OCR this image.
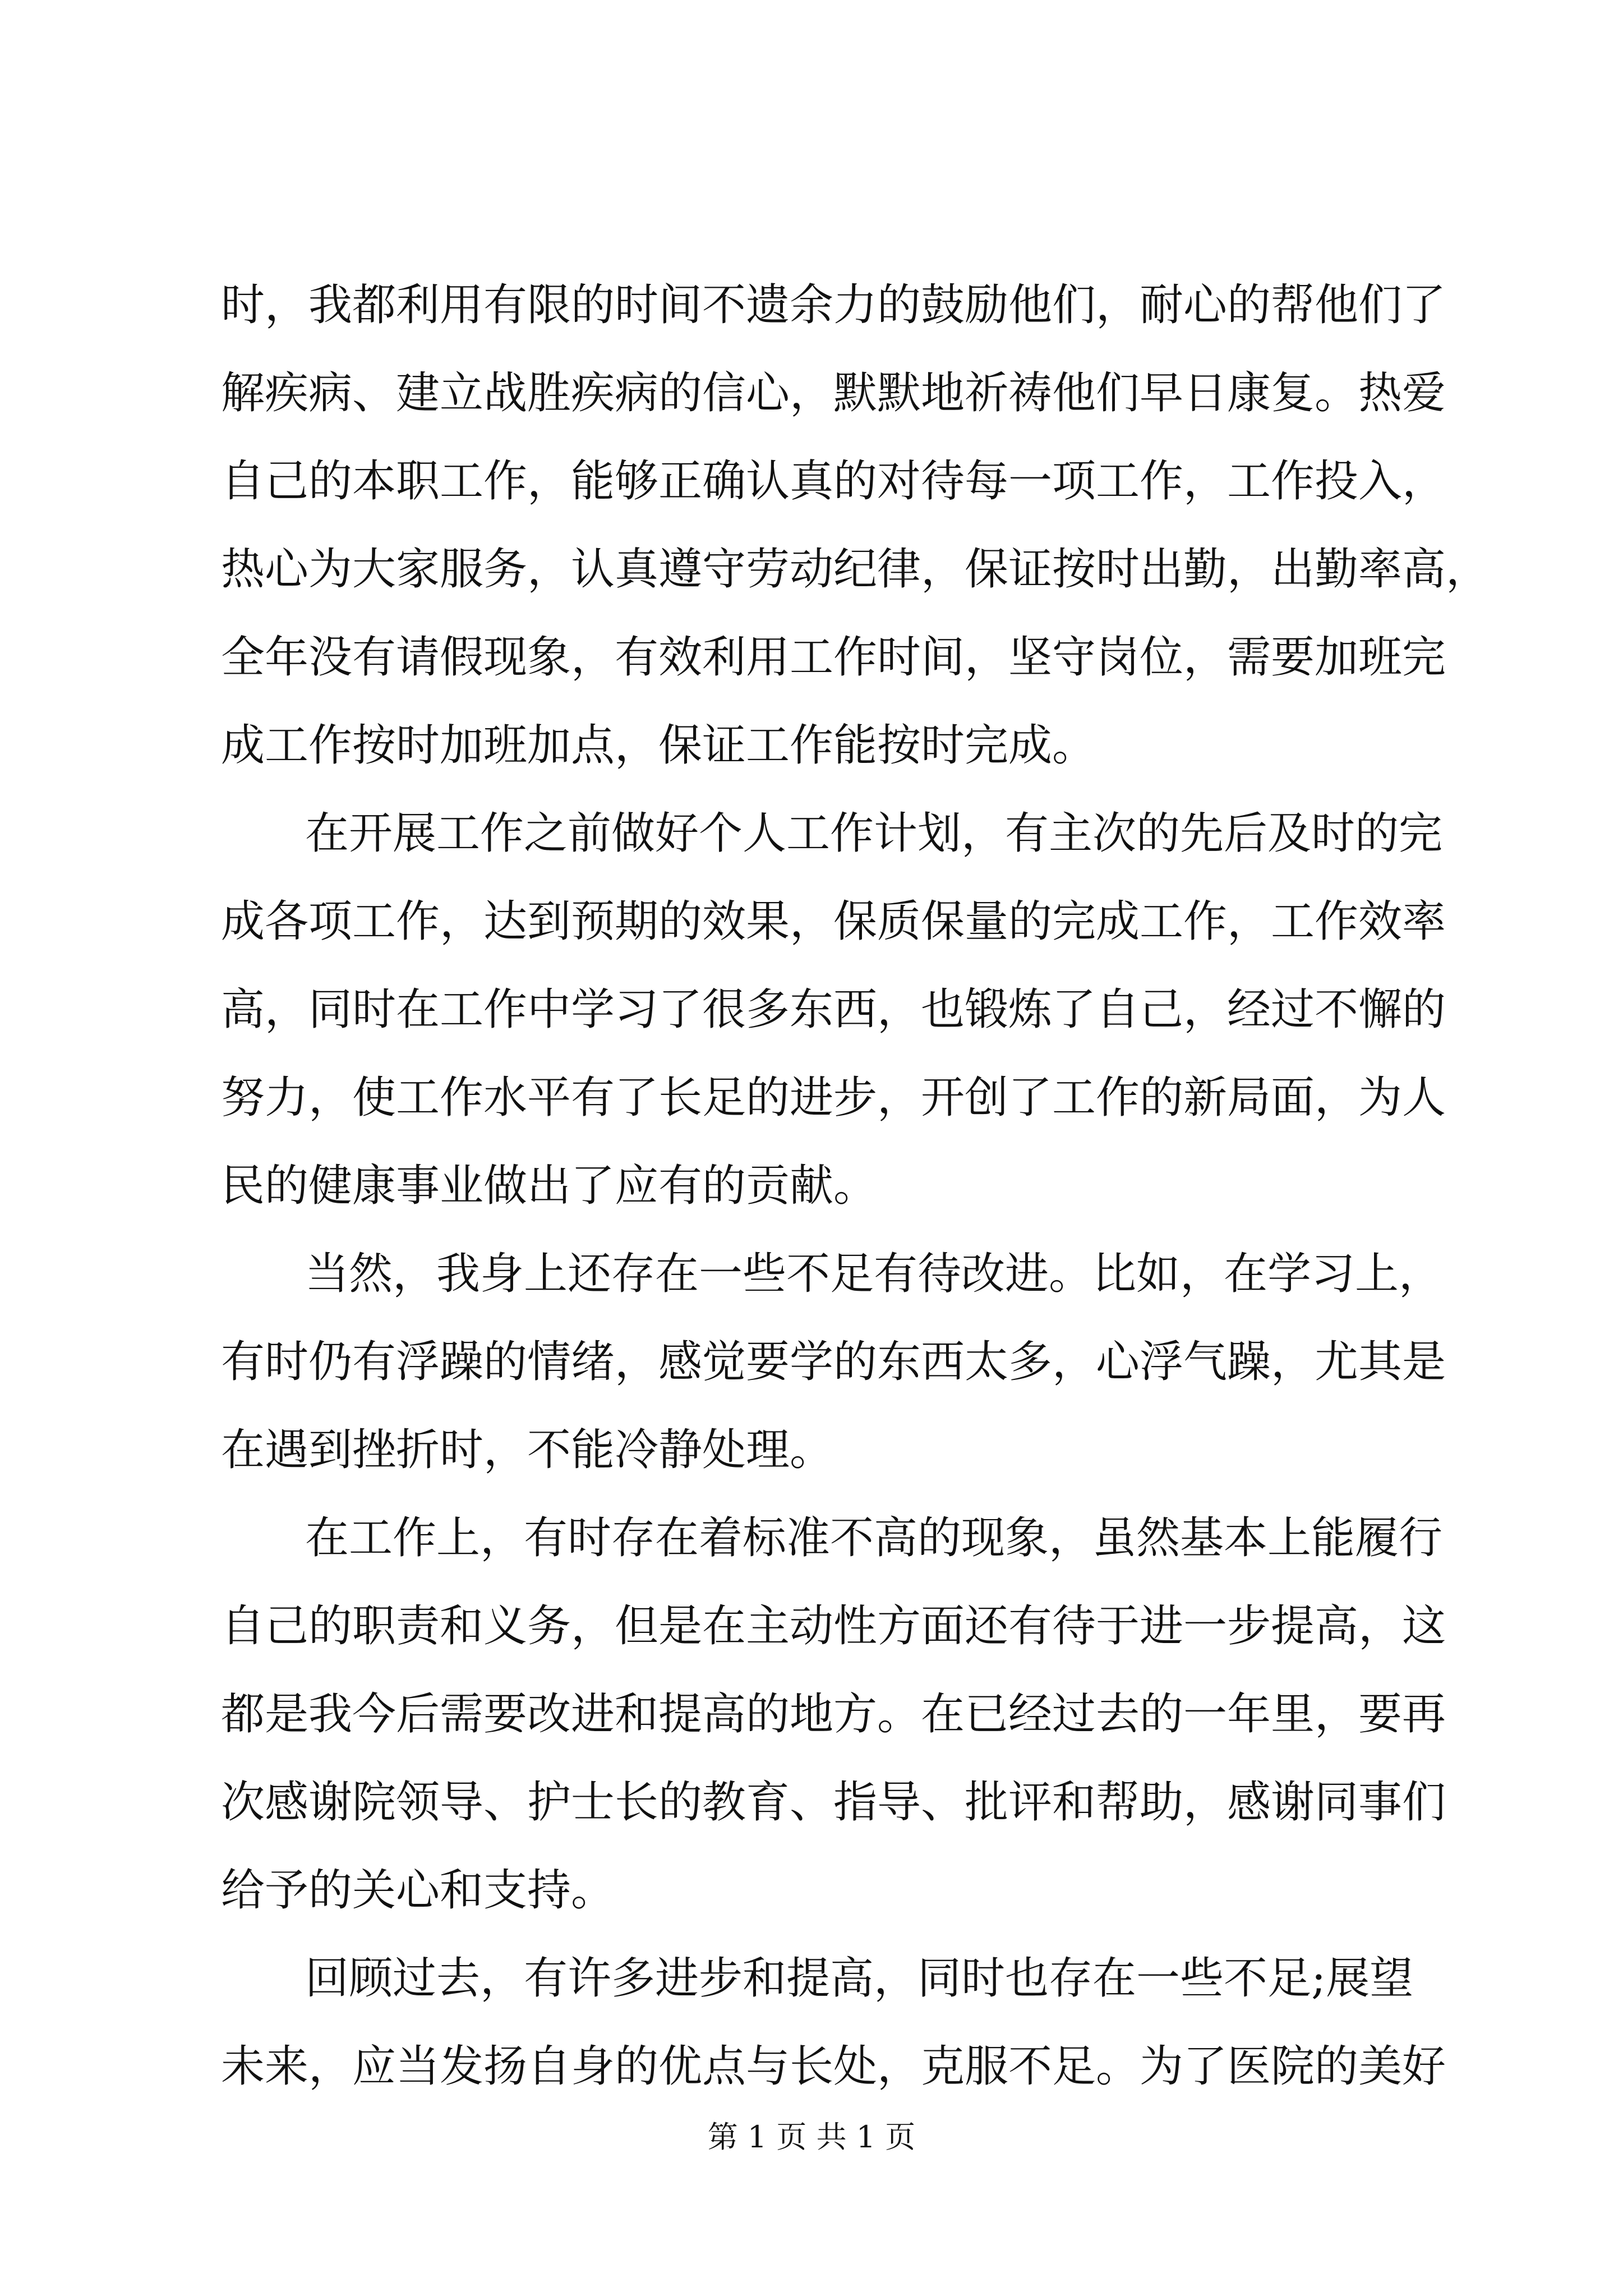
时，我都利用有限的时间不遗余力的鼓励他们，耐心的帮他们了
解疾病、建立战胜疾病的信心，默默地祈祷他们早日康复。热爱
自己的本职工作，能够正确认真的对待每一项工作，工作投入，
热心为大家服务，认真遵守劳动纪律，保证按时出勤，出勤率高，
全年没有请假现象，有效利用工作时间，坚守岗位，需要加班完
成工作按时加班加点，保证工作能按时完成。
在开展工作之前做好个人工作计划，有主次的先后及时的完
成各项工作，达到预期的效果，保质保量的完成工作，工作效率
高，同时在工作中学习了很多东西，也锻炼了自己，经过不懈的
努力，使工作水平有了长足的进步，开创了工作的新局面，为人
民的健康事业做出了应有的贡献。
当然，我身上还存在一些不足有待改进。比如，在学习上，
有时仍有浮躁的情绪，感觉要学的东西太多，心浮气躁，尤其是
在遇到挫折时，不能冷静处理。
在工作上，有时存在着标准不高的现象，虽然基本上能履行
自己的职责和义务，但是在主动性方面还有待于进一步提高，这
都是我今后需要改进和提高的地方。在已经过去的一年里，要再
次感谢院领导、护士长的教育、指导、批评和帮助，感谢同事们
给予的关心和支持。
回顾过去，有许多进步和提高，同时也存在一些不足;展望
未来，应当发扬自身的优点与长处，克服不足。为了医院的美好
第 1 页 共 1 页
